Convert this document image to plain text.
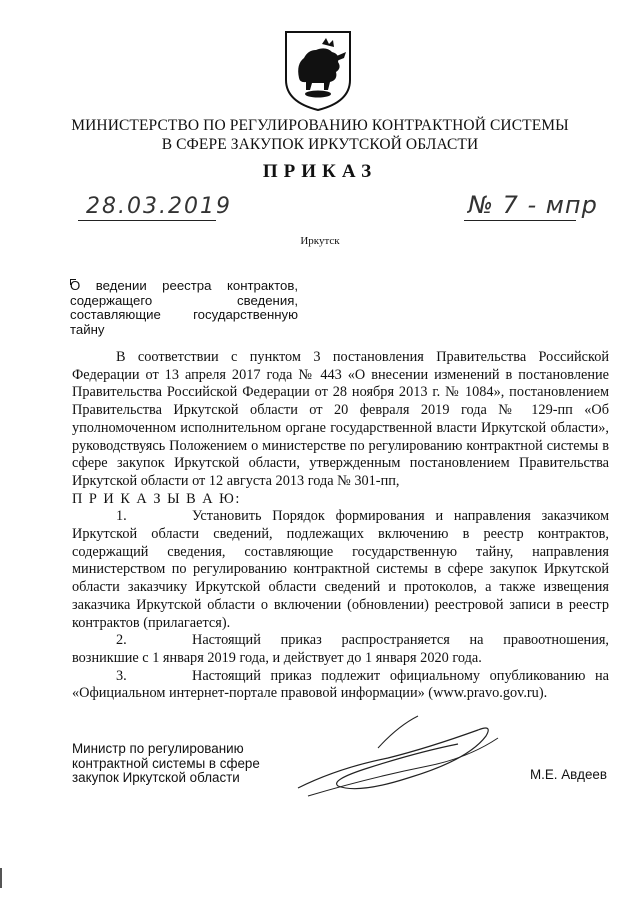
МИНИСТЕРСТВО ПО РЕГУЛИРОВАНИЮ КОНТРАКТНОЙ СИСТЕМЫ
В СФЕРЕ ЗАКУПОК ИРКУТСКОЙ ОБЛАСТИ
ПРИКАЗ
28.03.2019	№ 7 - мпр
Иркутск
О ведении реестра контрактов, содержащего сведения, составляющие государственную тайну

В соответствии с пунктом 3 постановления Правительства Российской Федерации от 13 апреля 2017 года № 443 «О внесении изменений в постановление Правительства Российской Федерации от 28 ноября 2013 г. № 1084», постановлением Правительства Иркутской области от 20 февраля 2019 года № 129-пп «Об уполномоченном исполнительном органе государственной власти Иркутской области», руководствуясь Положением о министерстве по регулированию контрактной системы в сфере закупок Иркутской области, утвержденным постановлением Правительства Иркутской области от 12 августа 2013 года № 301-пп,

П Р И К А З Ы В А Ю:

1.	Установить Порядок формирования и направления заказчиком Иркутской области сведений, подлежащих включению в реестр контрактов, содержащий сведения, составляющие государственную тайну, направления министерством по регулированию контрактной системы в сфере закупок Иркутской области заказчику Иркутской области сведений и протоколов, а также извещения заказчика Иркутской области о включении (обновлении) реестровой записи в реестр контрактов (прилагается).

2.	Настоящий приказ распространяется на правоотношения, возникшие с 1 января 2019 года, и действует до 1 января 2020 года.

3.	Настоящий приказ подлежит официальному опубликованию на «Официальном интернет-портале правовой информации» (www.pravo.gov.ru).

Министр по регулированию контрактной системы в сфере закупок Иркутской области	М.Е. Авдеев
